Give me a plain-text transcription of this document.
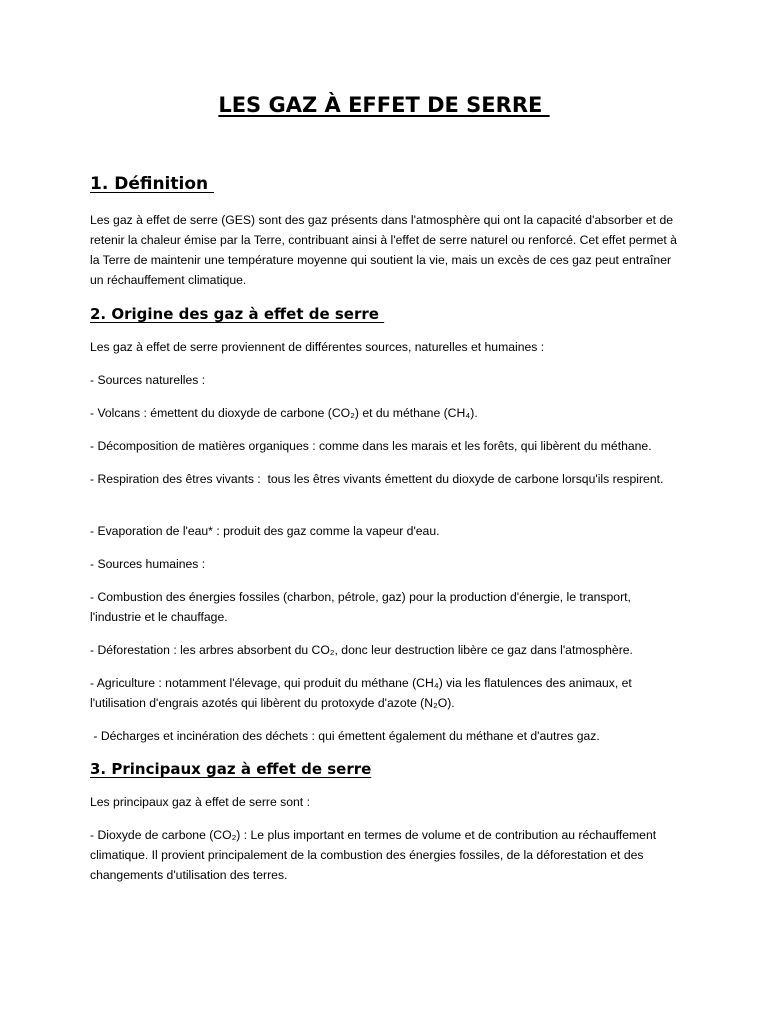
LES GAZ À EFFET DE SERRE
1. Définition

Les gaz à effet de serre (GES) sont des gaz présents dans l'atmosphère qui ont la capacité d'absorber et de retenir la chaleur émise par la Terre, contribuant ainsi à l'effet de serre naturel ou renforcé. Cet effet permet à la Terre de maintenir une température moyenne qui soutient la vie, mais un excès de ces gaz peut entraîner un réchauffement climatique.

2. Origine des gaz à effet de serre

Les gaz à effet de serre proviennent de différentes sources, naturelles et humaines :

- Sources naturelles :

- Volcans : émettent du dioxyde de carbone (CO₂) et du méthane (CH₄).

- Décomposition de matières organiques : comme dans les marais et les forêts, qui libèrent du méthane.

- Respiration des êtres vivants :  tous les êtres vivants émettent du dioxyde de carbone lorsqu'ils respirent.

- Evaporation de l'eau* : produit des gaz comme la vapeur d'eau.

- Sources humaines :

- Combustion des énergies fossiles (charbon, pétrole, gaz) pour la production d'énergie, le transport, l'industrie et le chauffage.

- Déforestation : les arbres absorbent du CO₂, donc leur destruction libère ce gaz dans l'atmosphère.

- Agriculture : notamment l'élevage, qui produit du méthane (CH₄) via les flatulences des animaux, et l'utilisation d'engrais azotés qui libèrent du protoxyde d'azote (N₂O).

- Décharges et incinération des déchets : qui émettent également du méthane et d'autres gaz.

3. Principaux gaz à effet de serre

Les principaux gaz à effet de serre sont :

- Dioxyde de carbone (CO₂) : Le plus important en termes de volume et de contribution au réchauffement climatique. Il provient principalement de la combustion des énergies fossiles, de la déforestation et des changements d'utilisation des terres.
